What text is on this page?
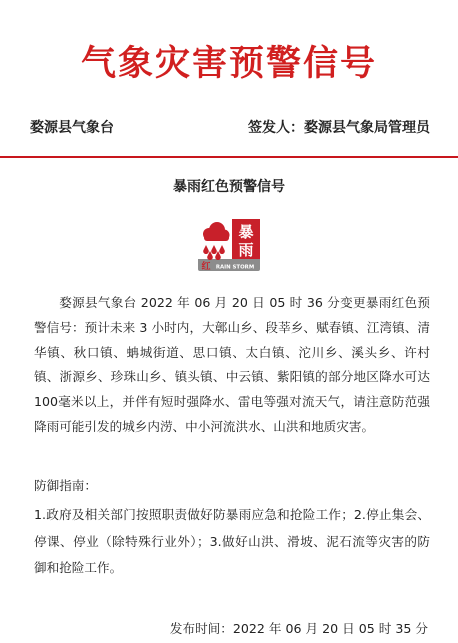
气象灾害预警信号
婺源县气象台	签发人：婺源县气象局管理员
暴雨红色预警信号
暴
雨
红 RAIN STORM
婺源县气象台 2022 年 06 月 20 日 05 时 36 分变更暴雨红色预警信号：预计未来 3 小时内，大鄣山乡、段莘乡、赋春镇、江湾镇、清华镇、秋口镇、蚺城街道、思口镇、太白镇、沱川乡、溪头乡、许村镇、浙源乡、珍珠山乡、镇头镇、中云镇、紫阳镇的部分地区降水可达 100毫米以上，并伴有短时强降水、雷电等强对流天气，请注意防范强降雨可能引发的城乡内涝、中小河流洪水、山洪和地质灾害。
防御指南：
1.政府及相关部门按照职责做好防暴雨应急和抢险工作；2.停止集会、停课、停业（除特殊行业外）；3.做好山洪、滑坡、泥石流等灾害的防御和抢险工作。
发布时间：2022 年 06 月 20 日 05 时 35 分
